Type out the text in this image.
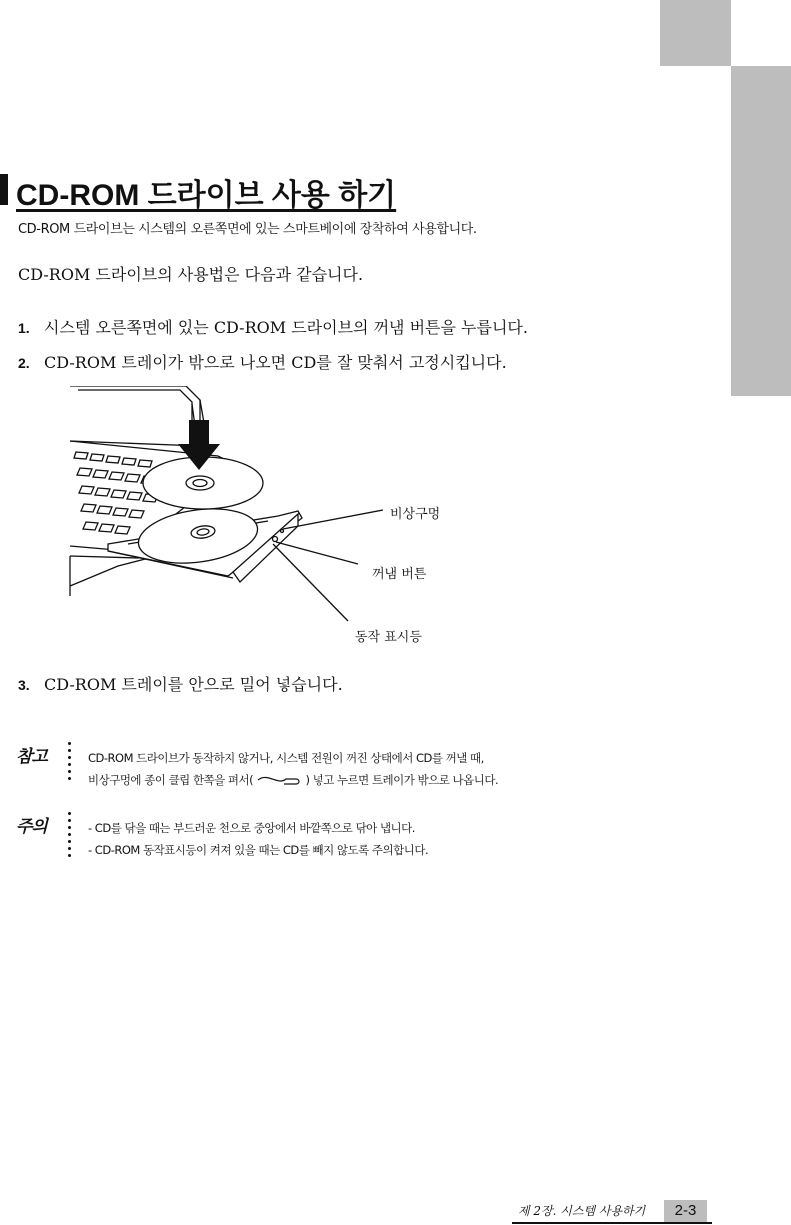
CD-ROM 드라이브 사용 하기
CD-ROM 드라이브는 시스템의 오른쪽면에 있는 스마트베이에 장착하여 사용합니다.
CD-ROM 드라이브의 사용법은 다음과 같습니다.
1. 시스템 오른쪽면에 있는 CD-ROM 드라이브의 꺼냄 버튼을 누릅니다.
2. CD-ROM 트레이가 밖으로 나오면 CD를 잘 맞춰서 고정시킵니다.
비상구멍
꺼냄 버튼
동작 표시등
3. CD-ROM 트레이를 안으로 밀어 넣습니다.
참고	CD-ROM 드라이브가 동작하지 않거나, 시스템 전원이 꺼진 상태에서 CD를 꺼낼 때,
비상구멍에 종이 클립 한쪽을 펴서(	) 넣고 누르면 트레이가 밖으로 나옵니다.
주의	- CD를 닦을 때는 부드러운 천으로 중앙에서 바깥쪽으로 닦아 냅니다.
- CD-ROM 동작표시등이 켜져 있을 때는 CD를 빼지 않도록 주의합니다.
제 2장. 시스템 사용하기	2-3
